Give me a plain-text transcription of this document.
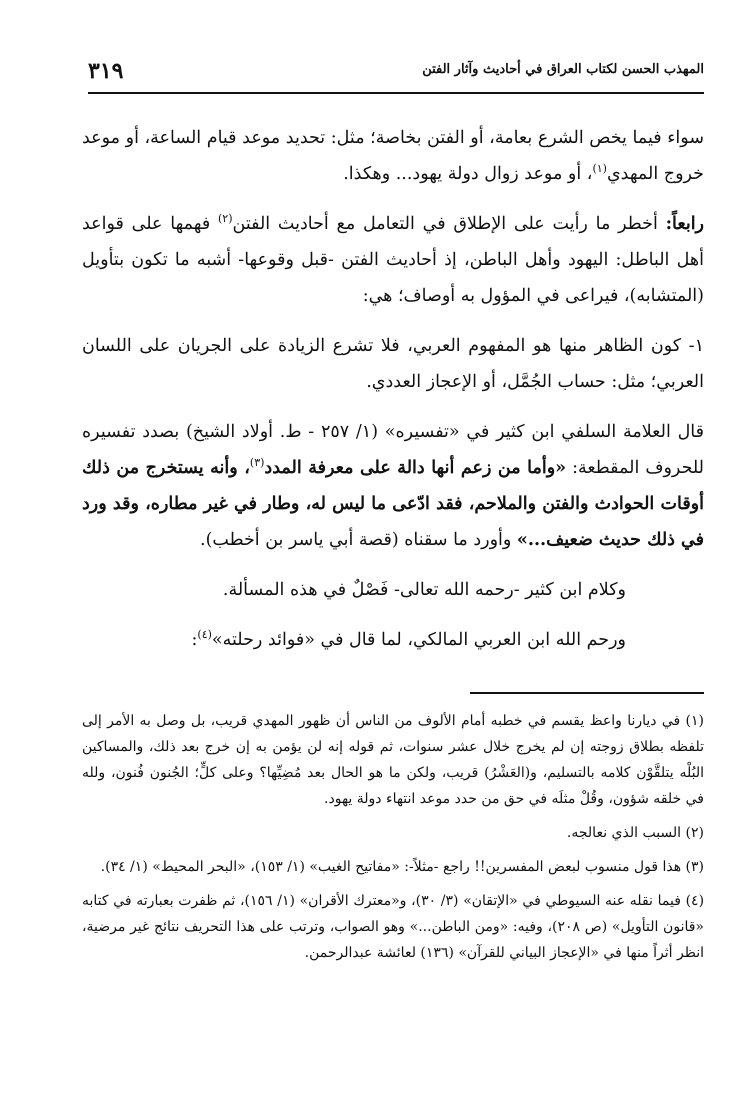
٣١٩	المهذب الحسن لكتاب العراق في أحاديث وآثار الفتن

سواء فيما يخص الشرع بعامة، أو الفتن بخاصة؛ مثل: تحديد موعد قيام الساعة، أو موعد خروج المهدي$^{(١)}$، أو موعد زوال دولة يهود... وهكذا.

رابعاً: أخطر ما رأيت على الإطلاق في التعامل مع أحاديث الفتن$^{(٢)}$ فهمها على قواعد أهل الباطل: اليهود وأهل الباطن، إذ أحاديث الفتن -قبل وقوعها- أشبه ما تكون بتأويل (المتشابه)، فيراعى في المؤول به أوصاف؛ هي:

١- كون الظاهر منها هو المفهوم العربي، فلا تشرع الزيادة على الجريان على اللسان العربي؛ مثل: حساب الجُمَّل، أو الإعجاز العددي.

قال العلامة السلفي ابن كثير في «تفسيره» (١/ ٢٥٧ - ط. أولاد الشيخ) بصدد تفسيره للحروف المقطعة: «وأما من زعم أنها دالة على معرفة المدد$^{(٣)}$، وأنه يستخرج من ذلك أوقات الحوادث والفتن والملاحم، فقد ادّعى ما ليس له، وطار في غير مطاره، وقد ورد في ذلك حديث ضعيف...» وأورد ما سقناه (قصة أبي ياسر بن أخطب).

وكلام ابن كثير -رحمه الله تعالى- فَصْلٌ في هذه المسألة.

ورحم الله ابن العربي المالكي، لما قال في «فوائد رحلته»$^{(٤)}$:

(١) في ديارنا واعظ يقسم في خطبه أمام الألوف من الناس أن ظهور المهدي قريب، بل وصل به الأمر إلى تلفظه بطلاق زوجته إن لم يخرج خلال عشر سنوات، ثم قوله إنه لن يؤمن به إن خرج بعد ذلك، والمساكين البُلْه يتلقَّوْن كلامه بالتسليم، و(العَشْرُ) قريب، ولكن ما هو الحال بعد مُضِيِّها؟ وعلى كلٍّ؛ الجُنون فُنون، ولله في خلقه شؤون، وقُلْ مثلَه في حق من حدد موعد انتهاء دولة يهود.

(٢) السبب الذي نعالجه.

(٣) هذا قول منسوب لبعض المفسرين!! راجع -مثلاً-: «مفاتيح الغيب» (١/ ١٥٣)، «البحر المحيط» (١/ ٣٤).

(٤) فيما نقله عنه السيوطي في «الإتقان» (٣/ ٣٠)، و«معترك الأقران» (١/ ١٥٦)، ثم ظفرت بعبارته في كتابه «قانون التأويل» (ص ٢٠٨)، وفيه: «ومن الباطن...» وهو الصواب، وترتب على هذا التحريف نتائج غير مرضية، انظر أثراً منها في «الإعجاز البياني للقرآن» (١٣٦) لعائشة عبدالرحمن.
